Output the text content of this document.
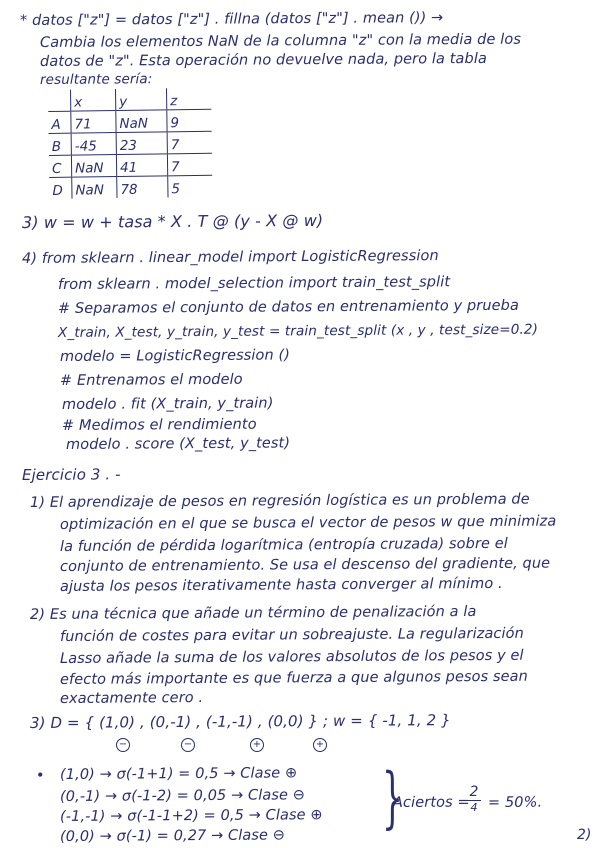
* datos ["z"] = datos ["z"] . fillna (datos ["z"] . mean ()) →
Cambia los elementos NaN de la columna "z" con la media de los
datos de "z". Esta operación no devuelve nada, pero la tabla
resultante sería:
	x	y	z
A	71	NaN	9
B	-45	23	7
C	NaN	41	7
D	NaN	78	5
3) w = w + tasa * X . T @ (y - X @ w)
4) from sklearn . linear_model import LogisticRegression
from sklearn . model_selection import train_test_split
# Separamos el conjunto de datos en entrenamiento y prueba
X_train, X_test, y_train, y_test = train_test_split (x , y , test_size=0.2)
modelo = LogisticRegression ()
# Entrenamos el modelo
modelo . fit (X_train, y_train)
# Medimos el rendimiento
modelo . score (X_test, y_test)
Ejercicio 3 . -
1) El aprendizaje de pesos en regresión logística es un problema de
optimización en el que se busca el vector de pesos w que minimiza
la función de pérdida logarítmica (entropía cruzada) sobre el
conjunto de entrenamiento. Se usa el descenso del gradiente, que
ajusta los pesos iterativamente hasta converger al mínimo .
2) Es una técnica que añade un término de penalización a la
función de costes para evitar un sobreajuste. La regularización
Lasso añade la suma de los valores absolutos de los pesos y el
efecto más importante es que fuerza a que algunos pesos sean
exactamente cero .
3) D = { (1,0) , (0,-1) , (-1,-1) , (0,0) } ; w = { -1, 1, 2 }
−	−	+	+
• (1,0) → σ(-1+1) = 0,5 → Clase ⊕
(0,-1) → σ(-1-2) = 0,05 → Clase ⊖
(-1,-1) → σ(-1-1+2) = 0,5 → Clase ⊕
(0,0) → σ(-1) = 0,27 → Clase ⊖
}
Aciertos =
2
4 = 50%.
2)
